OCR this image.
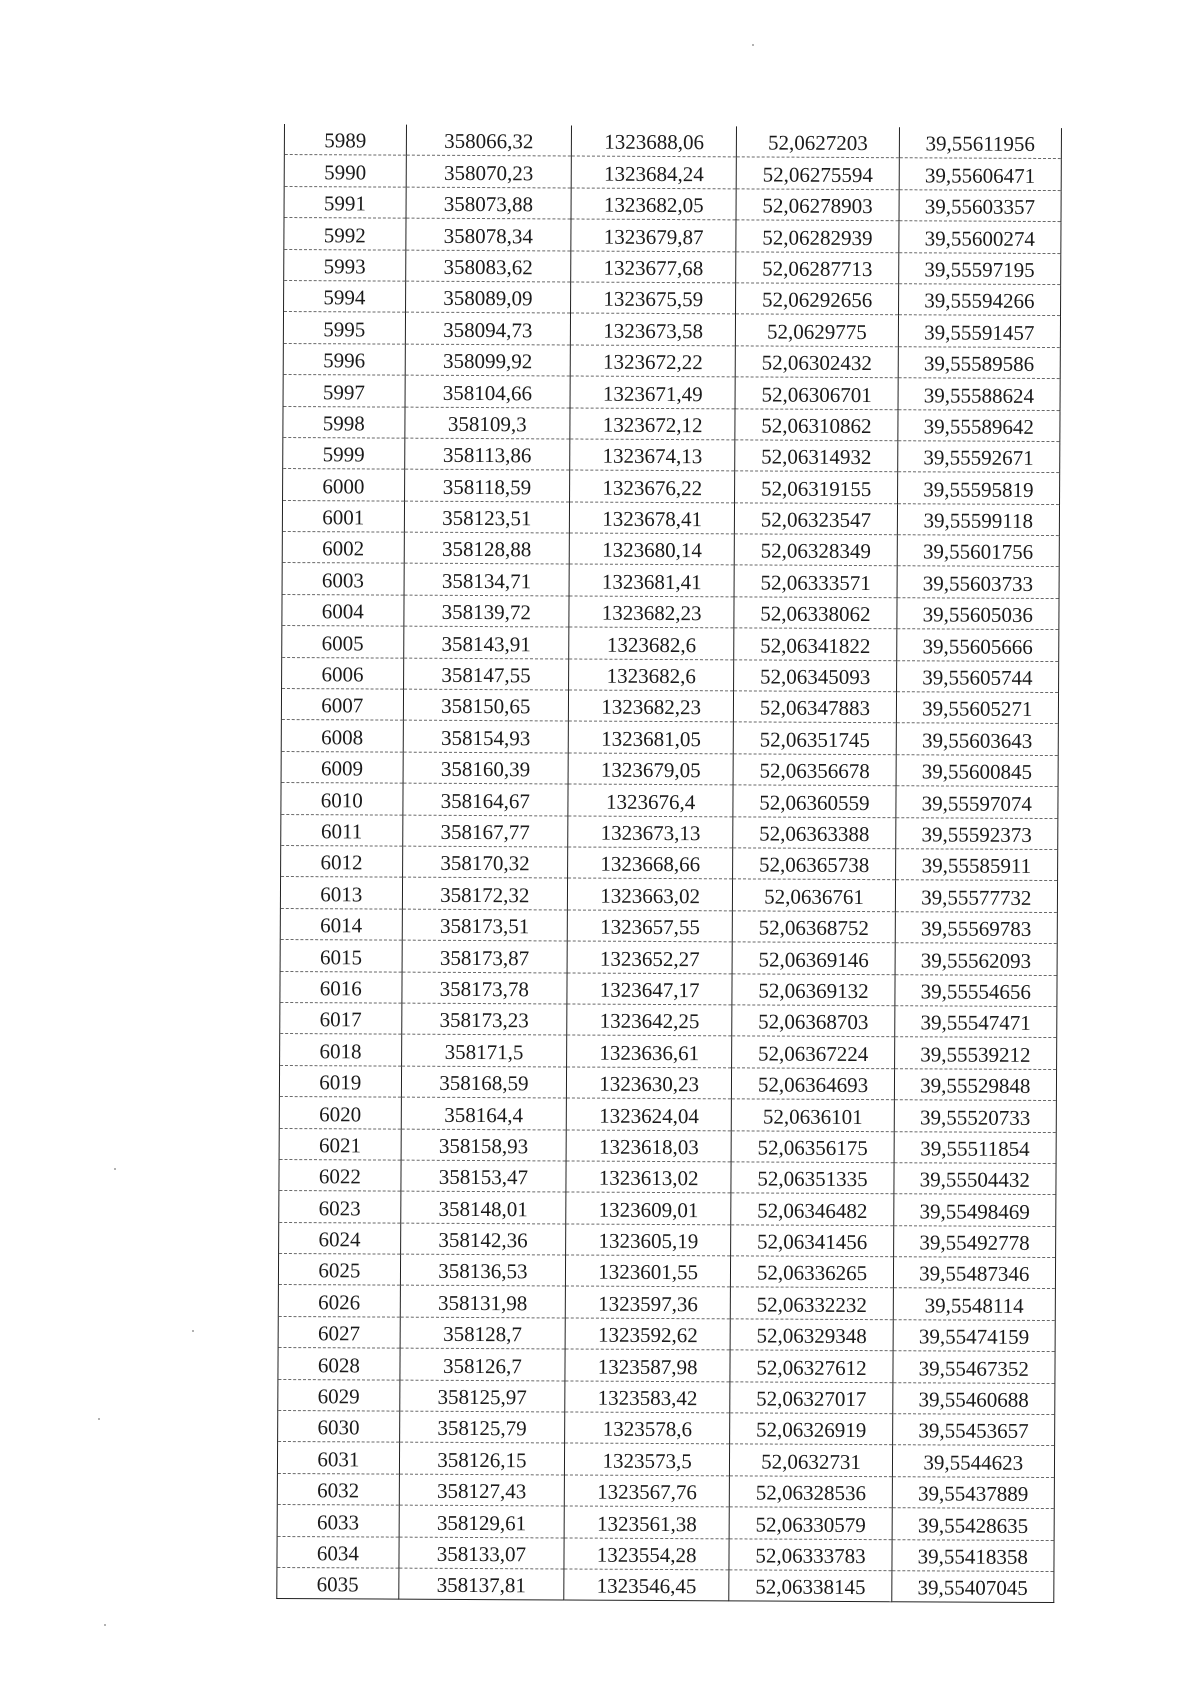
5989	358066,32	1323688,06	52,0627203	39,55611956
5990	358070,23	1323684,24	52,06275594	39,55606471
5991	358073,88	1323682,05	52,06278903	39,55603357
5992	358078,34	1323679,87	52,06282939	39,55600274
5993	358083,62	1323677,68	52,06287713	39,55597195
5994	358089,09	1323675,59	52,06292656	39,55594266
5995	358094,73	1323673,58	52,0629775	39,55591457
5996	358099,92	1323672,22	52,06302432	39,55589586
5997	358104,66	1323671,49	52,06306701	39,55588624
5998	358109,3	1323672,12	52,06310862	39,55589642
5999	358113,86	1323674,13	52,06314932	39,55592671
6000	358118,59	1323676,22	52,06319155	39,55595819
6001	358123,51	1323678,41	52,06323547	39,55599118
6002	358128,88	1323680,14	52,06328349	39,55601756
6003	358134,71	1323681,41	52,06333571	39,55603733
6004	358139,72	1323682,23	52,06338062	39,55605036
6005	358143,91	1323682,6	52,06341822	39,55605666
6006	358147,55	1323682,6	52,06345093	39,55605744
6007	358150,65	1323682,23	52,06347883	39,55605271
6008	358154,93	1323681,05	52,06351745	39,55603643
6009	358160,39	1323679,05	52,06356678	39,55600845
6010	358164,67	1323676,4	52,06360559	39,55597074
6011	358167,77	1323673,13	52,06363388	39,55592373
6012	358170,32	1323668,66	52,06365738	39,55585911
6013	358172,32	1323663,02	52,0636761	39,55577732
6014	358173,51	1323657,55	52,06368752	39,55569783
6015	358173,87	1323652,27	52,06369146	39,55562093
6016	358173,78	1323647,17	52,06369132	39,55554656
6017	358173,23	1323642,25	52,06368703	39,55547471
6018	358171,5	1323636,61	52,06367224	39,55539212
6019	358168,59	1323630,23	52,06364693	39,55529848
6020	358164,4	1323624,04	52,0636101	39,55520733
6021	358158,93	1323618,03	52,06356175	39,55511854
6022	358153,47	1323613,02	52,06351335	39,55504432
6023	358148,01	1323609,01	52,06346482	39,55498469
6024	358142,36	1323605,19	52,06341456	39,55492778
6025	358136,53	1323601,55	52,06336265	39,55487346
6026	358131,98	1323597,36	52,06332232	39,5548114
6027	358128,7	1323592,62	52,06329348	39,55474159
6028	358126,7	1323587,98	52,06327612	39,55467352
6029	358125,97	1323583,42	52,06327017	39,55460688
6030	358125,79	1323578,6	52,06326919	39,55453657
6031	358126,15	1323573,5	52,0632731	39,5544623
6032	358127,43	1323567,76	52,06328536	39,55437889
6033	358129,61	1323561,38	52,06330579	39,55428635
6034	358133,07	1323554,28	52,06333783	39,55418358
6035	358137,81	1323546,45	52,06338145	39,55407045
